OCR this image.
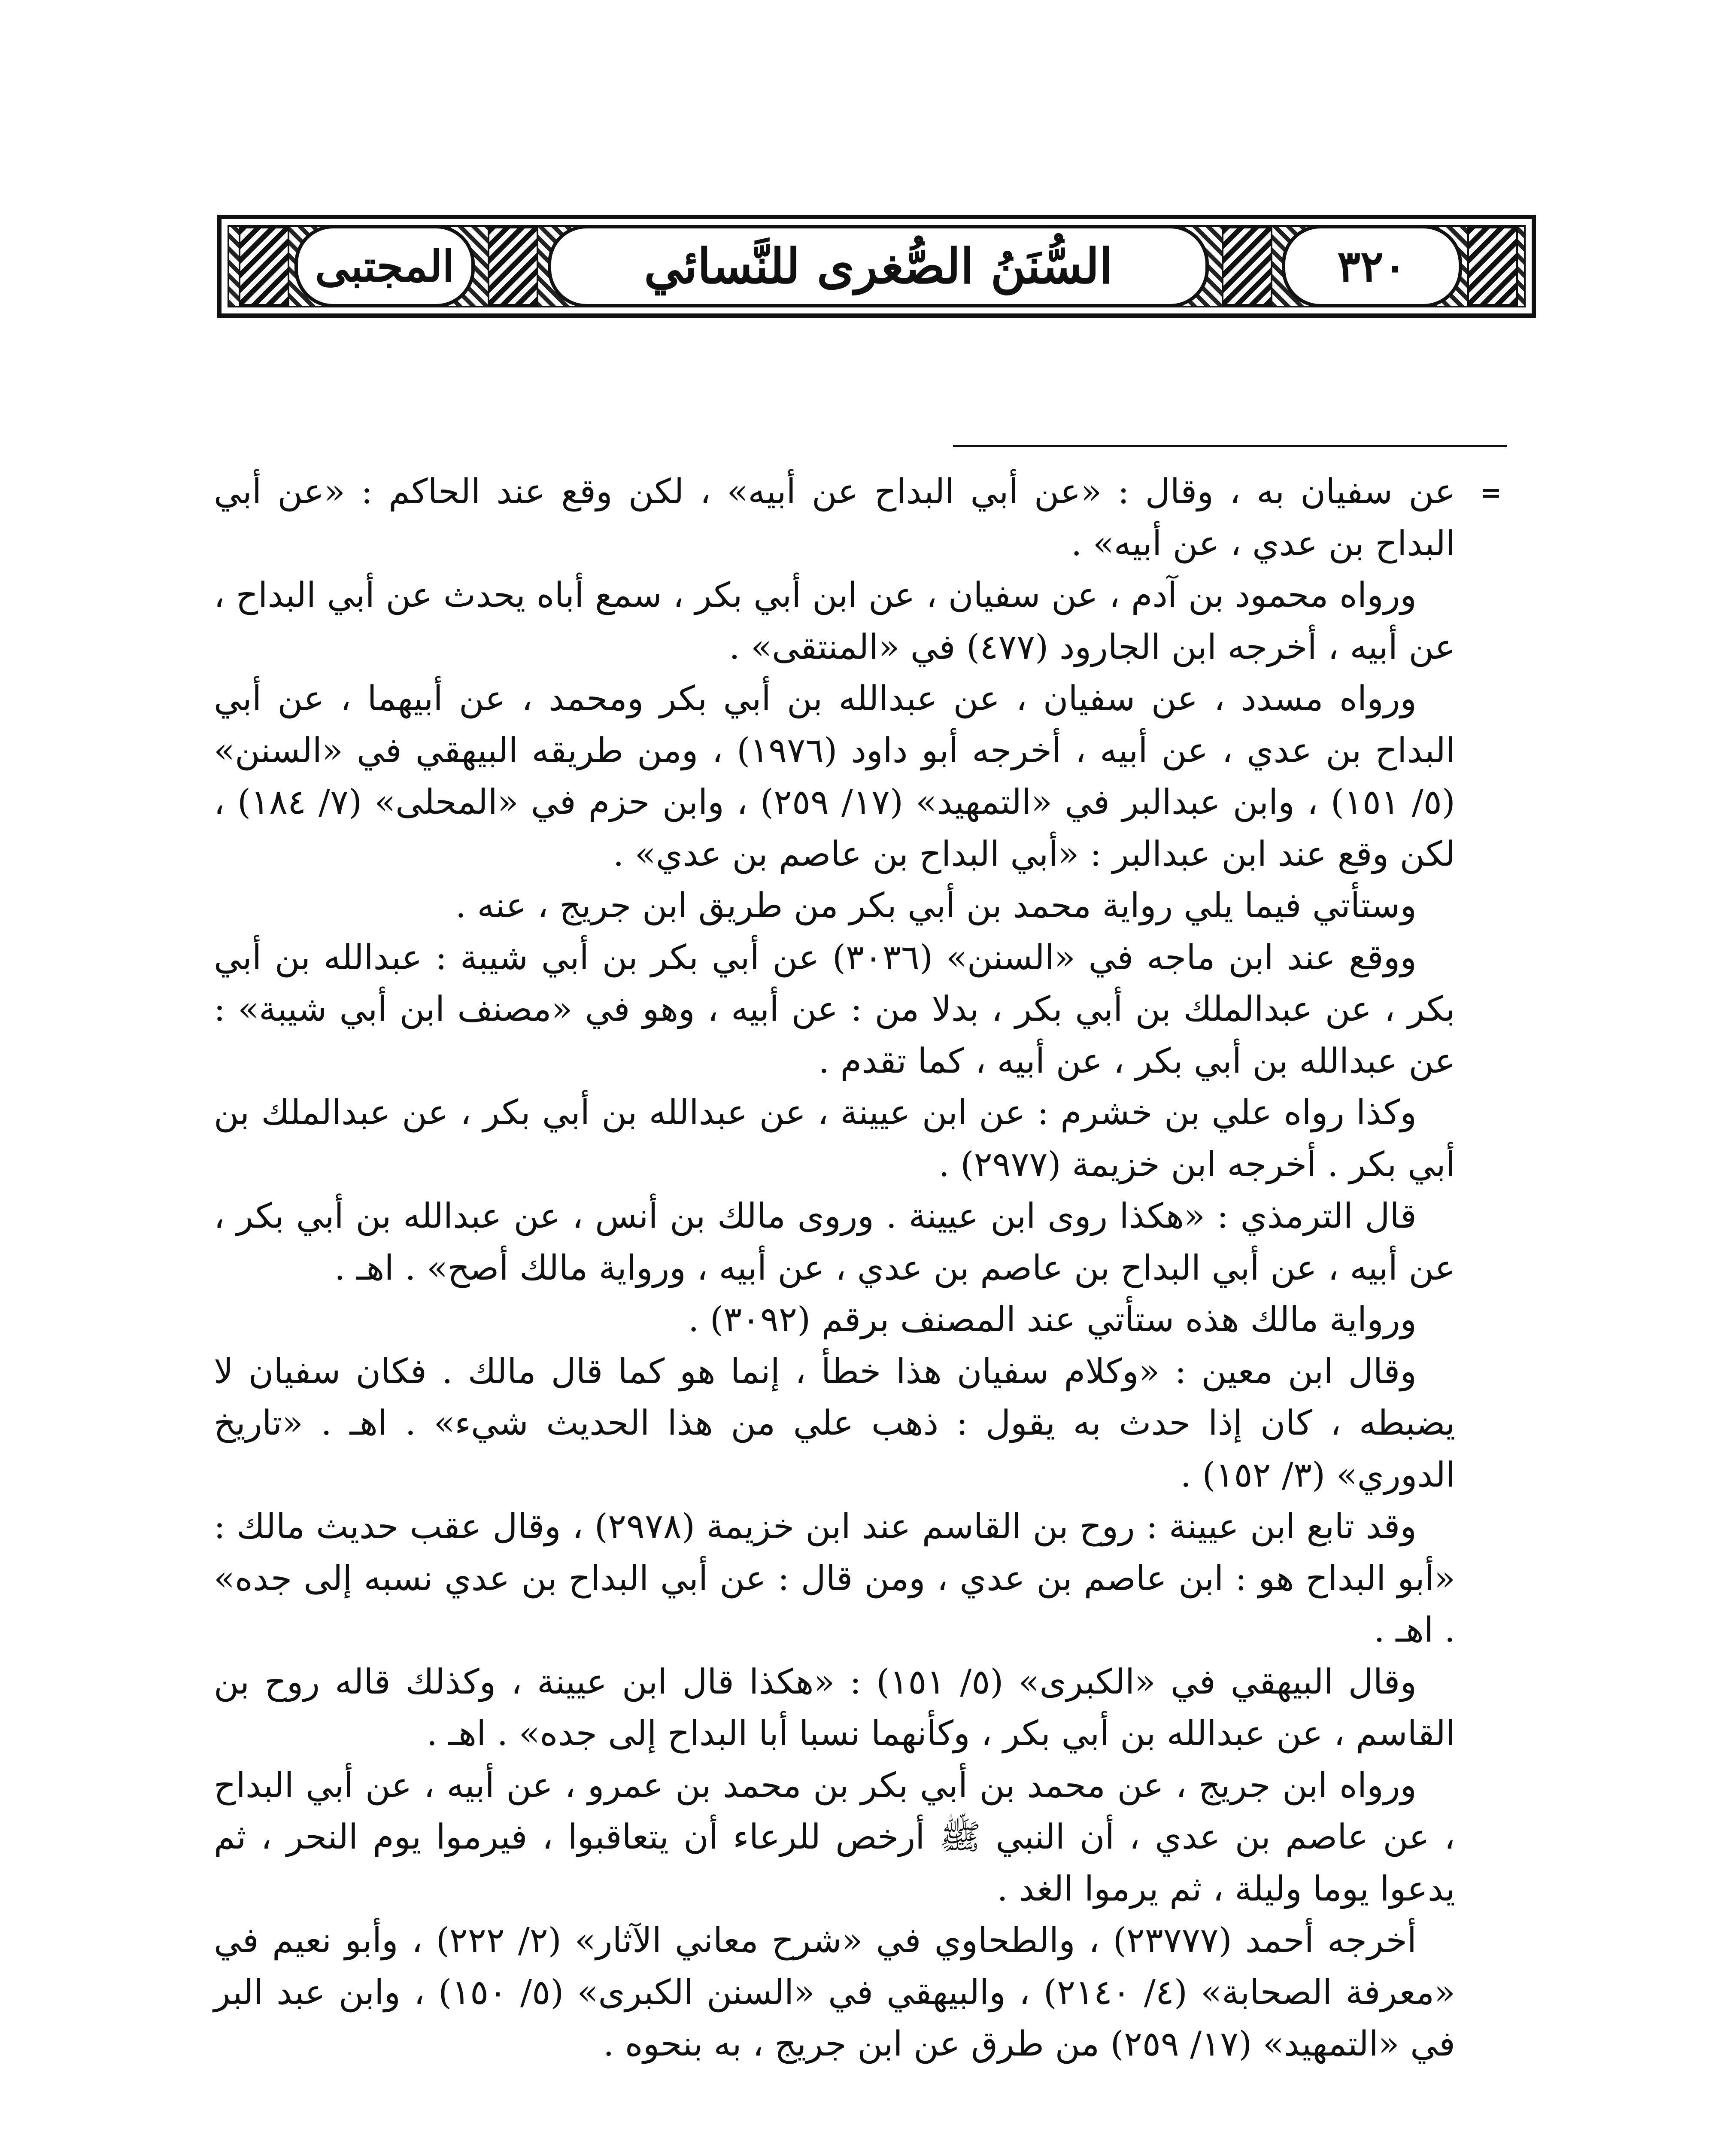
المجتبى	السُّنَنُ الصُّغرى للنَّسائي	٣٢٠
=

عن سفيان به ، وقال : «عن أبي البداح عن أبيه» ، لكن وقع عند الحاكم : «عن أبي البداح بن عدي ، عن أبيه» .

ورواه محمود بن آدم ، عن سفيان ، عن ابن أبي بكر ، سمع أباه يحدث عن أبي البداح ، عن أبيه ، أخرجه ابن الجارود (٤٧٧) في «المنتقى» .

ورواه مسدد ، عن سفيان ، عن عبدالله بن أبي بكر ومحمد ، عن أبيهما ، عن أبي البداح بن عدي ، عن أبيه ، أخرجه أبو داود (١٩٧٦) ، ومن طريقه البيهقي في «السنن» (٥/ ١٥١) ، وابن عبدالبر في «التمهيد» (١٧/ ٢٥٩) ، وابن حزم في «المحلى» (٧/ ١٨٤) ، لكن وقع عند ابن عبدالبر : «أبي البداح بن عاصم بن عدي» .

وستأتي فيما يلي رواية محمد بن أبي بكر من طريق ابن جريج ، عنه .

ووقع عند ابن ماجه في «السنن» (٣٠٣٦) عن أبي بكر بن أبي شيبة : عبدالله بن أبي بكر ، عن عبدالملك بن أبي بكر ، بدلا من : عن أبيه ، وهو في «مصنف ابن أبي شيبة» : عن عبدالله بن أبي بكر ، عن أبيه ، كما تقدم .

وكذا رواه علي بن خشرم : عن ابن عيينة ، عن عبدالله بن أبي بكر ، عن عبدالملك بن أبي بكر . أخرجه ابن خزيمة (٢٩٧٧) .

قال الترمذي : «هكذا روى ابن عيينة . وروى مالك بن أنس ، عن عبدالله بن أبي بكر ، عن أبيه ، عن أبي البداح بن عاصم بن عدي ، عن أبيه ، ورواية مالك أصح» . اهـ .

ورواية مالك هذه ستأتي عند المصنف برقم (٣٠٩٢) .

وقال ابن معين : «وكلام سفيان هذا خطأ ، إنما هو كما قال مالك . فكان سفيان لا يضبطه ، كان إذا حدث به يقول : ذهب علي من هذا الحديث شيء» . اهـ . «تاريخ الدوري» (٣/ ١٥٢) .

وقد تابع ابن عيينة : روح بن القاسم عند ابن خزيمة (٢٩٧٨) ، وقال عقب حديث مالك : «أبو البداح هو : ابن عاصم بن عدي ، ومن قال : عن أبي البداح بن عدي نسبه إلى جده» . اهـ .

وقال البيهقي في «الكبرى» (٥/ ١٥١) : «هكذا قال ابن عيينة ، وكذلك قاله روح بن القاسم ، عن عبدالله بن أبي بكر ، وكأنهما نسبا أبا البداح إلى جده» . اهـ .

ورواه ابن جريج ، عن محمد بن أبي بكر بن محمد بن عمرو ، عن أبيه ، عن أبي البداح ، عن عاصم بن عدي ، أن النبي ﷺ أرخص للرعاء أن يتعاقبوا ، فيرموا يوم النحر ، ثم يدعوا يوما وليلة ، ثم يرموا الغد .

أخرجه أحمد (٢٣٧٧٧) ، والطحاوي في «شرح معاني الآثار» (٢/ ٢٢٢) ، وأبو نعيم في «معرفة الصحابة» (٤/ ٢١٤٠) ، والبيهقي في «السنن الكبرى» (٥/ ١٥٠) ، وابن عبد البر في «التمهيد» (١٧/ ٢٥٩) من طرق عن ابن جريج ، به بنحوه .
